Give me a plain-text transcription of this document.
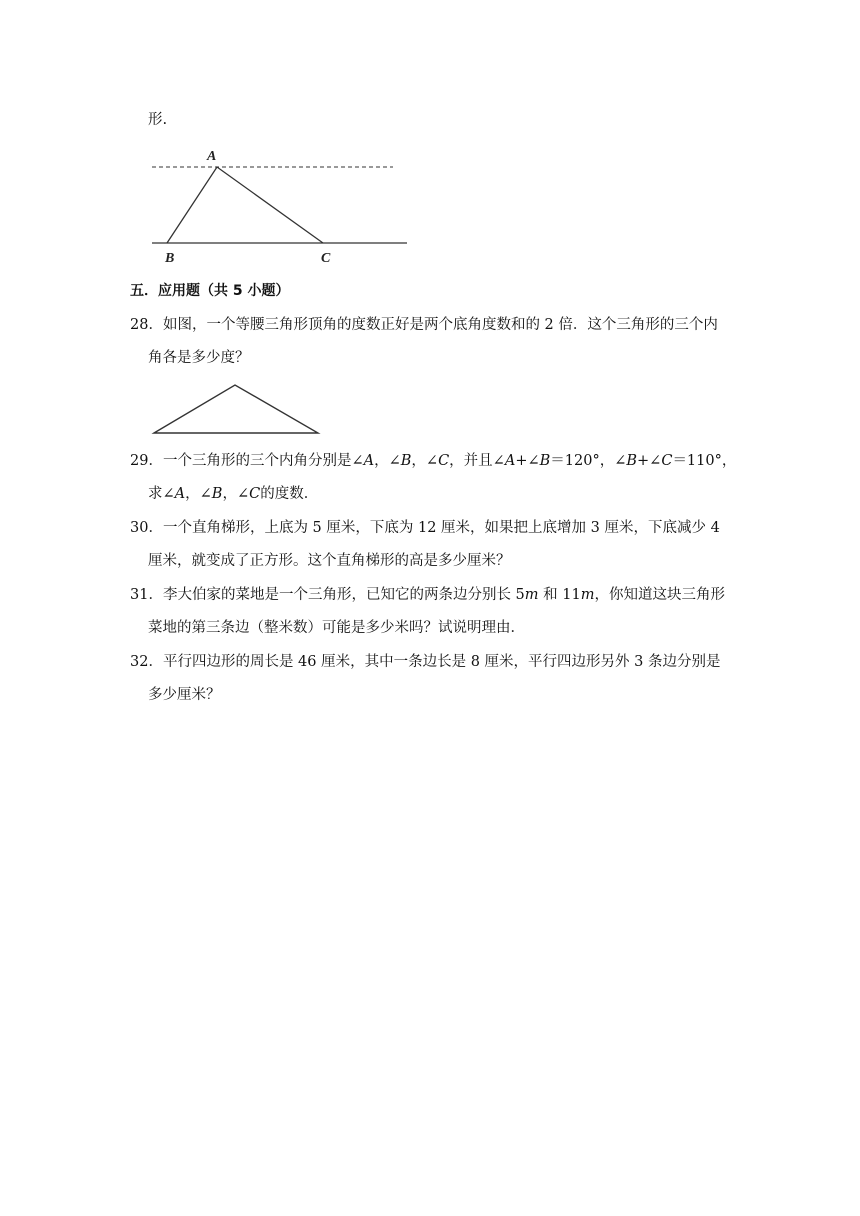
形.
A
B	C
五．应用题（共 5 小题）
28．如图，一个等腰三角形顶角的度数正好是两个底角度数和的 2 倍．这个三角形的三个内
角各是多少度？
29．一个三角形的三个内角分别是∠A，∠B，∠C，并且∠A+∠B＝120°，∠B+∠C＝110°，
求∠A，∠B，∠C的度数．
30．一个直角梯形，上底为 5 厘米，下底为 12 厘米，如果把上底增加 3 厘米，下底减少 4
厘米，就变成了正方形。这个直角梯形的高是多少厘米？
31．李大伯家的菜地是一个三角形，已知它的两条边分别长 5m 和 11m，你知道这块三角形
菜地的第三条边（整米数）可能是多少米吗？试说明理由．
32．平行四边形的周长是 46 厘米，其中一条边长是 8 厘米，平行四边形另外 3 条边分别是
多少厘米？
